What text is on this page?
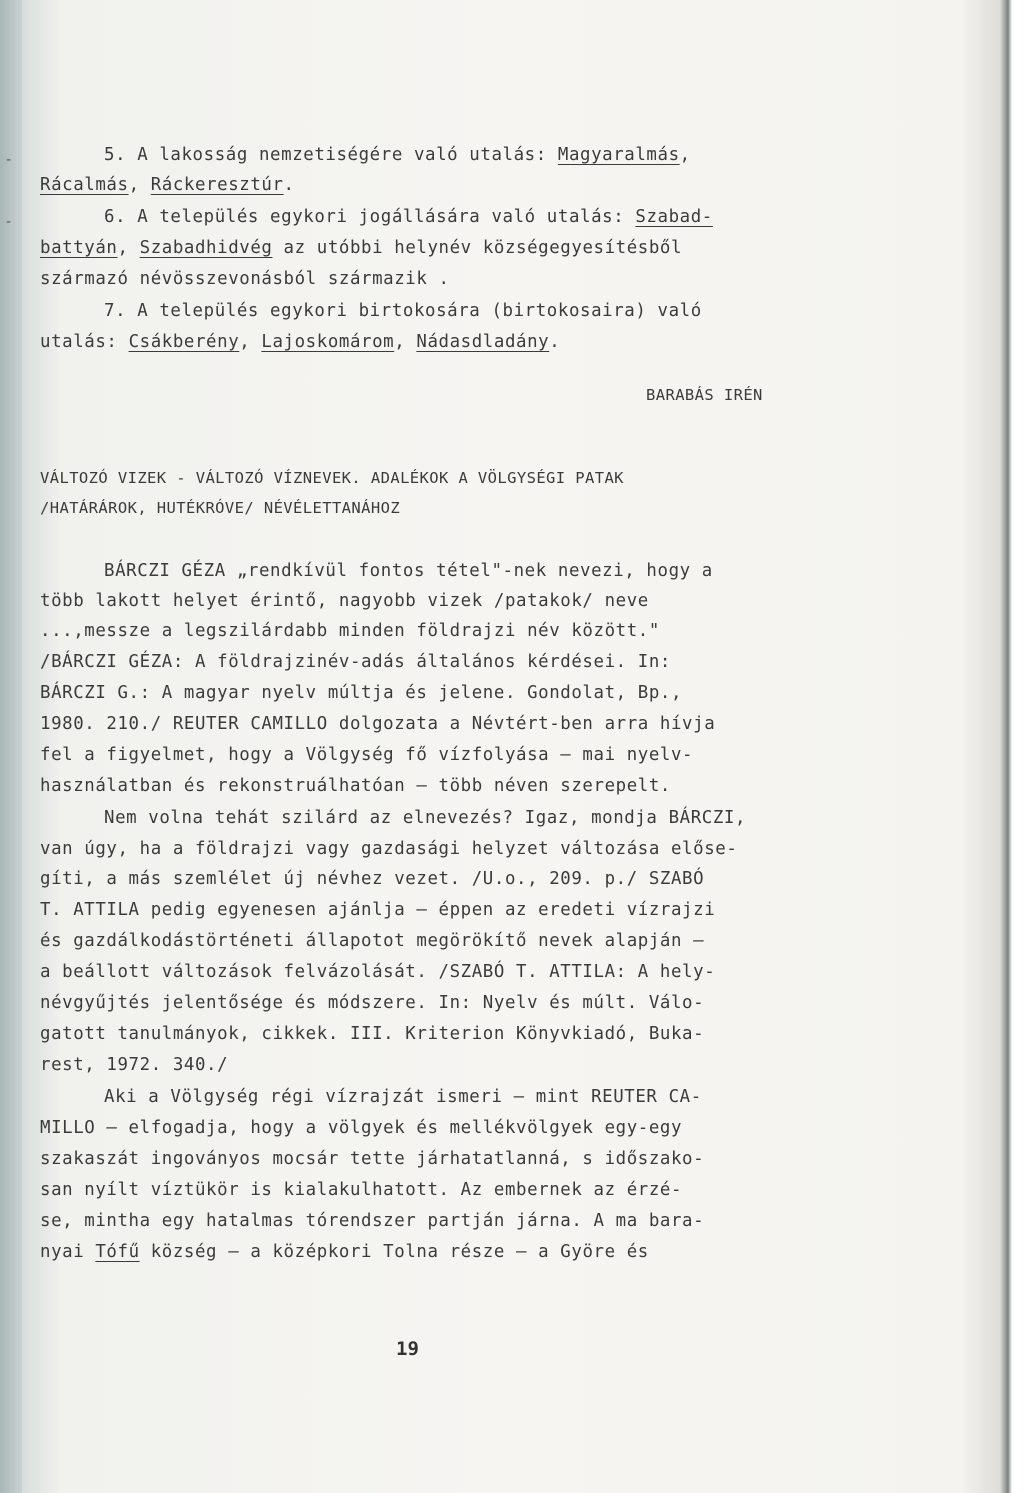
-
-

5. A lakosság nemzetiségére való utalás: Magyaralmás,

Rácalmás, Ráckeresztúr.

6. A település egykori jogállására való utalás: Szabad-

battyán, Szabadhidvég az utóbbi helynév községegyesítésből

származó névösszevonásból származik .

7. A település egykori birtokosára (birtokosaira) való

utalás: Csákberény, Lajoskomárom, Nádasdladány.

BARABÁS IRÉN

VÁLTOZÓ VIZEK - VÁLTOZÓ VÍZNEVEK. ADALÉKOK A VÖLGYSÉGI PATAK

/HATÁRÁROK, HUTÉKRÓVE/ NÉVÉLETTANÁHOZ

BÁRCZI GÉZA „rendkívül fontos tétel"-nek nevezi, hogy a

több lakott helyet érintő, nagyobb vizek /patakok/ neve

...,messze a legszilárdabb minden földrajzi név között."

/BÁRCZI GÉZA: A földrajzinév-adás általános kérdései. In:

BÁRCZI G.: A magyar nyelv múltja és jelene. Gondolat, Bp.,

1980. 210./ REUTER CAMILLO dolgozata a Névtért-ben arra hívja

fel a figyelmet, hogy a Völgység fő vízfolyása — mai nyelv-

használatban és rekonstruálhatóan — több néven szerepelt.

Nem volna tehát szilárd az elnevezés? Igaz, mondja BÁRCZI,

van úgy, ha a földrajzi vagy gazdasági helyzet változása előse-

gíti, a más szemlélet új névhez vezet. /U.o., 209. p./ SZABÓ

T. ATTILA pedig egyenesen ajánlja — éppen az eredeti vízrajzi

és gazdálkodástörténeti állapotot megörökítő nevek alapján —

a beállott változások felvázolását. /SZABÓ T. ATTILA: A hely-

névgyűjtés jelentősége és módszere. In: Nyelv és múlt. Válo-

gatott tanulmányok, cikkek. III. Kriterion Könyvkiadó, Buka-

rest, 1972. 340./

Aki a Völgység régi vízrajzát ismeri — mint REUTER CA-

MILLO — elfogadja, hogy a völgyek és mellékvölgyek egy-egy

szakaszát ingoványos mocsár tette járhatatlanná, s időszako-

san nyílt víztükör is kialakulhatott. Az embernek az érzé-

se, mintha egy hatalmas tórendszer partján járna. A ma bara-

nyai Tófű község — a középkori Tolna része — a Györe és

19
